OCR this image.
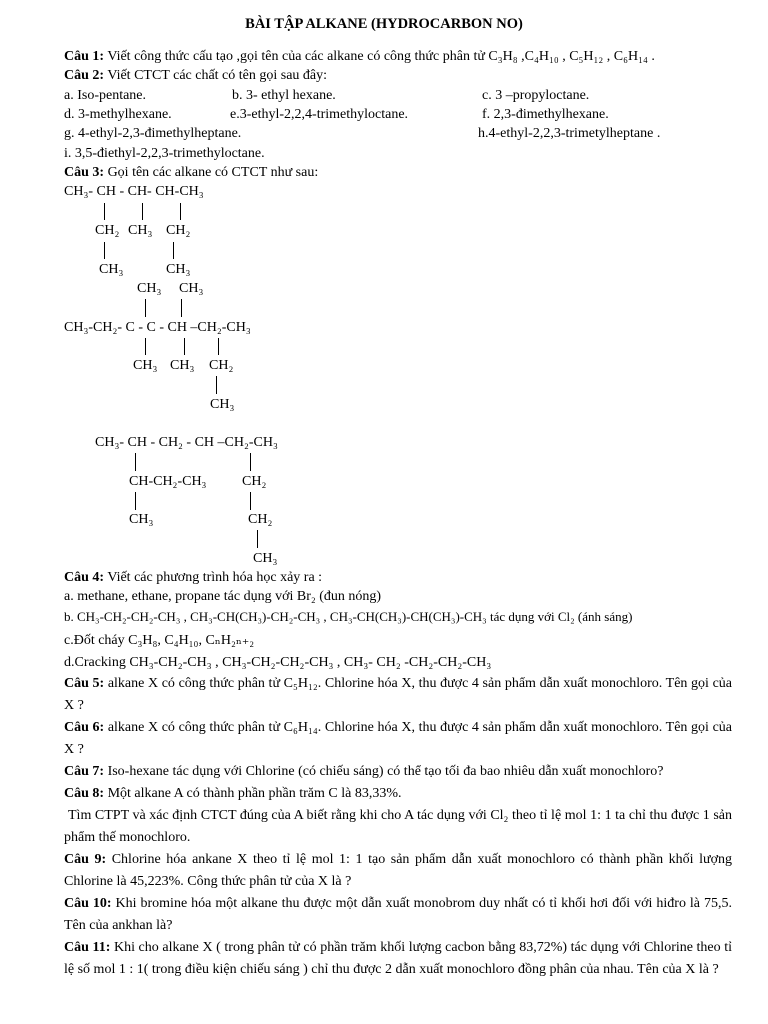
BÀI TẬP ALKANE (HYDROCARBON NO)
Câu 1: Viết công thức cấu tạo ,gọi tên của các alkane có công thức phân tử C₃H₈ ,C₄H₁₀ , C₅H₁₂ , C₆H₁₄ .
Câu 2: Viết CTCT các chất có tên gọi sau đây:
a. Iso-pentane.	b. 3- ethyl hexane.	c. 3 –propyloctane.
d. 3-methylhexane.	e.3-ethyl-2,2,4-trimethyloctane.	f. 2,3-đimethylhexane.
g. 4-ethyl-2,3-đimethylheptane.	h.4-ethyl-2,2,3-trimetylheptane .
i. 3,5-điethyl-2,2,3-trimethyloctane.
Câu 3: Gọi tên các alkane có CTCT như sau:
CH₃- CH - CH- CH-CH₃
CH₂ CH₃ CH₂
CH₃	CH₃
CH₃ CH₃
CH₃-CH₂- C - C - CH –CH₂-CH₃
CH₃ CH₃ CH₂
CH₃
CH₃- CH - CH₂ - CH –CH₂-CH₃
CH-CH₂-CH₃	CH₂
CH₃	CH₂
CH₃
Câu 4: Viết các phương trình hóa học xảy ra :
a. methane, ethane, propane tác dụng với Br₂ (đun nóng)
b. CH₃-CH₂-CH₂-CH₃ , CH₃-CH(CH₃)-CH₂-CH₃ , CH₃-CH(CH₃)-CH(CH₃)-CH₃ tác dụng với Cl₂ (ánh sáng)
c.Đốt cháy C₃H₈, C₄H₁₀, CₙH₂ₙ₊₂
d.Cracking CH₃-CH₂-CH₃ , CH₃-CH₂-CH₂-CH₃ , CH₃- CH₂ -CH₂-CH₂-CH₃
Câu 5: alkane X có công thức phân tử C₅H₁₂. Chlorine hóa X, thu được 4 sản phẩm dẫn xuất monochloro. Tên gọi của X ?
Câu 6: alkane X có công thức phân tử C₆H₁₄. Chlorine hóa X, thu được 4 sản phẩm dẫn xuất monochloro. Tên gọi của X ?
Câu 7: Iso-hexane tác dụng với Chlorine (có chiếu sáng) có thể tạo tối đa bao nhiêu dẫn xuất monochloro?
Câu 8: Một alkane A có thành phần phần trăm C là 83,33%.
Tìm CTPT và xác định CTCT đúng của A biết rằng khi cho A tác dụng với Cl₂ theo tỉ lệ mol 1: 1 ta chỉ thu được 1 sản phẩm thế monochloro.
Câu 9: Chlorine hóa ankane X theo tỉ lệ mol 1: 1 tạo sản phẩm dẫn xuất monochloro có thành phần khối lượng Chlorine là 45,223%. Công thức phân tử của X là ?
Câu 10: Khi bromine hóa một alkane thu được một dẫn xuất monobrom duy nhất có tỉ khối hơi đối với hiđro là 75,5. Tên của ankhan là?
Câu 11: Khi cho alkane X ( trong phân tử có phần trăm khối lượng cacbon bằng 83,72%) tác dụng với Chlorine theo tỉ lệ số mol 1 : 1( trong điều kiện chiếu sáng ) chỉ thu được 2 dẫn xuất monochloro đồng phân của nhau. Tên của X là ?
